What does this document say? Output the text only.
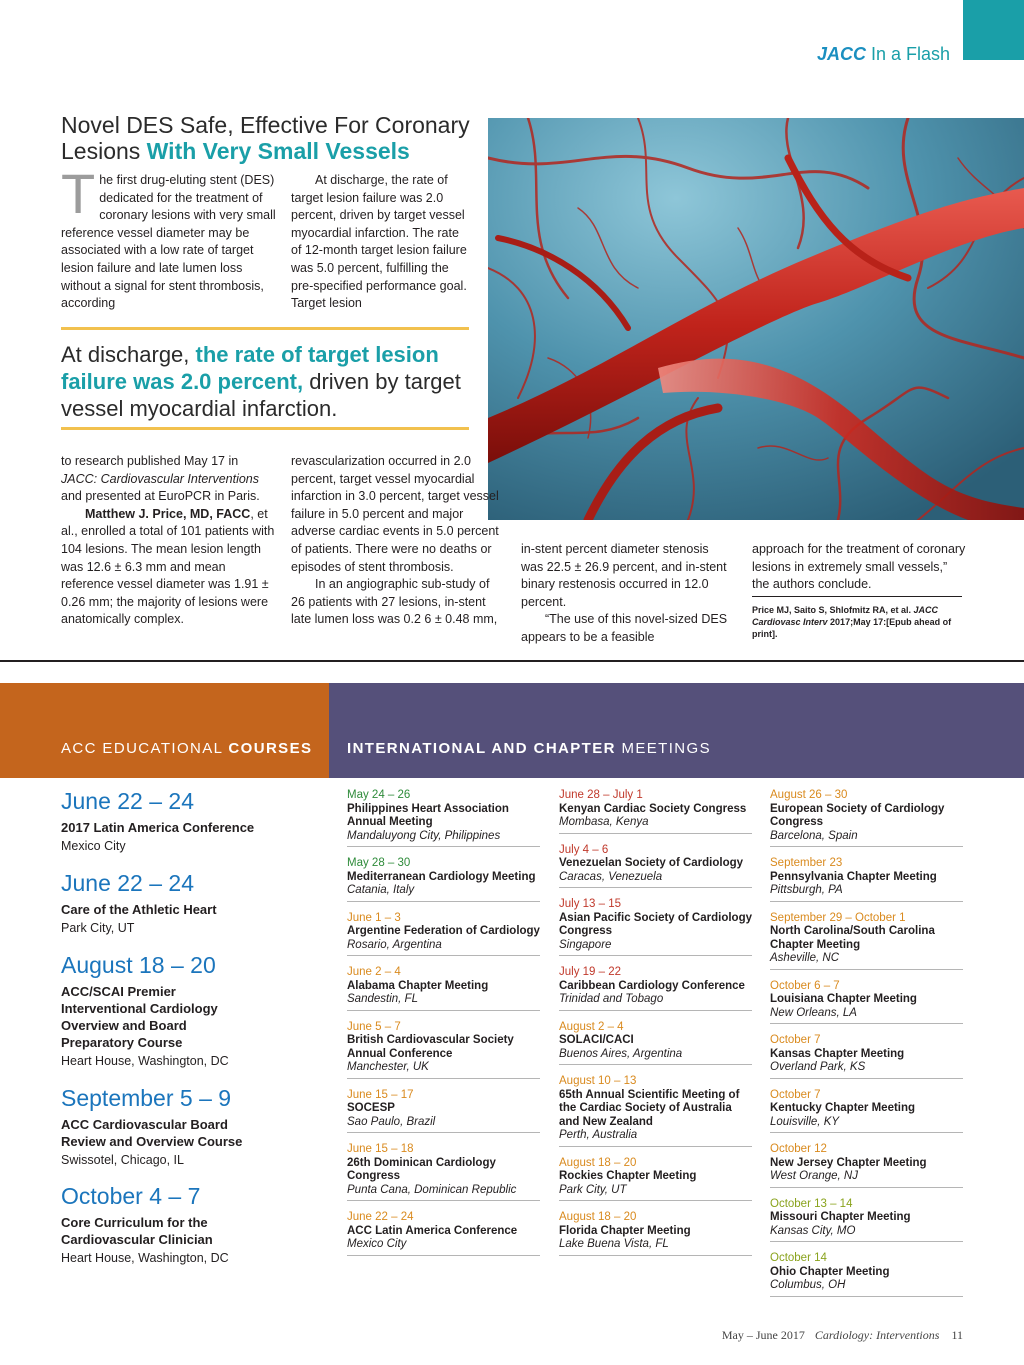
JACC In a Flash
Novel DES Safe, Effective For Coronary
Lesions With Very Small Vessels
The first drug-eluting stent (DES) dedicated for the treatment of coronary lesions with very small reference vessel diameter may be associated with a low rate of target lesion failure and late lumen loss without a signal for stent thrombosis, according

At discharge, the rate of target lesion failure was 2.0 percent, driven by target vessel myocardial infarction. The rate of 12-month target lesion failure was 5.0 percent, fulfilling the pre-specified performance goal. Target lesion

At discharge, the rate of target lesion failure was 2.0 percent, driven by target vessel myocardial infarction.

to research published May 17 in JACC: Cardiovascular Interventions and presented at EuroPCR in Paris.

Matthew J. Price, MD, FACC, et al., enrolled a total of 101 patients with 104 lesions. The mean lesion length was 12.6 ± 6.3 mm and mean reference vessel diameter was 1.91 ± 0.26 mm; the majority of lesions were anatomically complex.

revascularization occurred in 2.0 percent, target vessel myocardial infarction in 3.0 percent, target vessel failure in 5.0 percent and major adverse cardiac events in 5.0 percent of patients. There were no deaths or episodes of stent thrombosis.

In an angiographic sub-study of 26 patients with 27 lesions, in-stent late lumen loss was 0.2 6 ± 0.48 mm,

in-stent percent diameter stenosis was 22.5 ± 26.9 percent, and in-stent binary restenosis occurred in 12.0 percent.

“The use of this novel-sized DES appears to be a feasible

approach for the treatment of coronary lesions in extremely small vessels,” the authors conclude.

Price MJ, Saito S, Shlofmitz RA, et al. JACC Cardiovasc Interv 2017;May 17:[Epub ahead of print].
ACC EDUCATIONAL COURSES INTERNATIONAL AND CHAPTER MEETINGS
June 22 – 24
2017 Latin America Conference
Mexico City
June 22 – 24
Care of the Athletic Heart
Park City, UT
August 18 – 20
ACC/SCAI Premier Interventional Cardiology Overview and Board Preparatory Course
Heart House, Washington, DC
September 5 – 9
ACC Cardiovascular Board Review and Overview Course
Swissotel, Chicago, IL
October 4 – 7
Core Curriculum for the Cardiovascular Clinician
Heart House, Washington, DC
May 24 – 26
Philippines Heart Association Annual Meeting
Mandaluyong City, Philippines
May 28 – 30
Mediterranean Cardiology Meeting
Catania, Italy
June 1 – 3
Argentine Federation of Cardiology
Rosario, Argentina
June 2 – 4
Alabama Chapter Meeting
Sandestin, FL
June 5 – 7
British Cardiovascular Society Annual Conference
Manchester, UK
June 15 – 17
SOCESP
Sao Paulo, Brazil
June 15 – 18
26th Dominican Cardiology Congress
Punta Cana, Dominican Republic
June 22 – 24
ACC Latin America Conference
Mexico City
June 28 – July 1
Kenyan Cardiac Society Congress
Mombasa, Kenya
July 4 – 6
Venezuelan Society of Cardiology
Caracas, Venezuela
July 13 – 15
Asian Pacific Society of Cardiology Congress
Singapore
July 19 – 22
Caribbean Cardiology Conference
Trinidad and Tobago
August 2 – 4
SOLACI/CACI
Buenos Aires, Argentina
August 10 – 13
65th Annual Scientific Meeting of the Cardiac Society of Australia and New Zealand
Perth, Australia
August 18 – 20
Rockies Chapter Meeting
Park City, UT
August 18 – 20
Florida Chapter Meeting
Lake Buena Vista, FL
August 26 – 30
European Society of Cardiology Congress
Barcelona, Spain
September 23
Pennsylvania Chapter Meeting
Pittsburgh, PA
September 29 – October 1
North Carolina/South Carolina Chapter Meeting
Asheville, NC
October 6 – 7
Louisiana Chapter Meeting
New Orleans, LA
October 7
Kansas Chapter Meeting
Overland Park, KS
October 7
Kentucky Chapter Meeting
Louisville, KY
October 12
New Jersey Chapter Meeting
West Orange, NJ
October 13 – 14
Missouri Chapter Meeting
Kansas City, MO
October 14
Ohio Chapter Meeting
Columbus, OH
May – June 2017 Cardiology: Interventions 11
